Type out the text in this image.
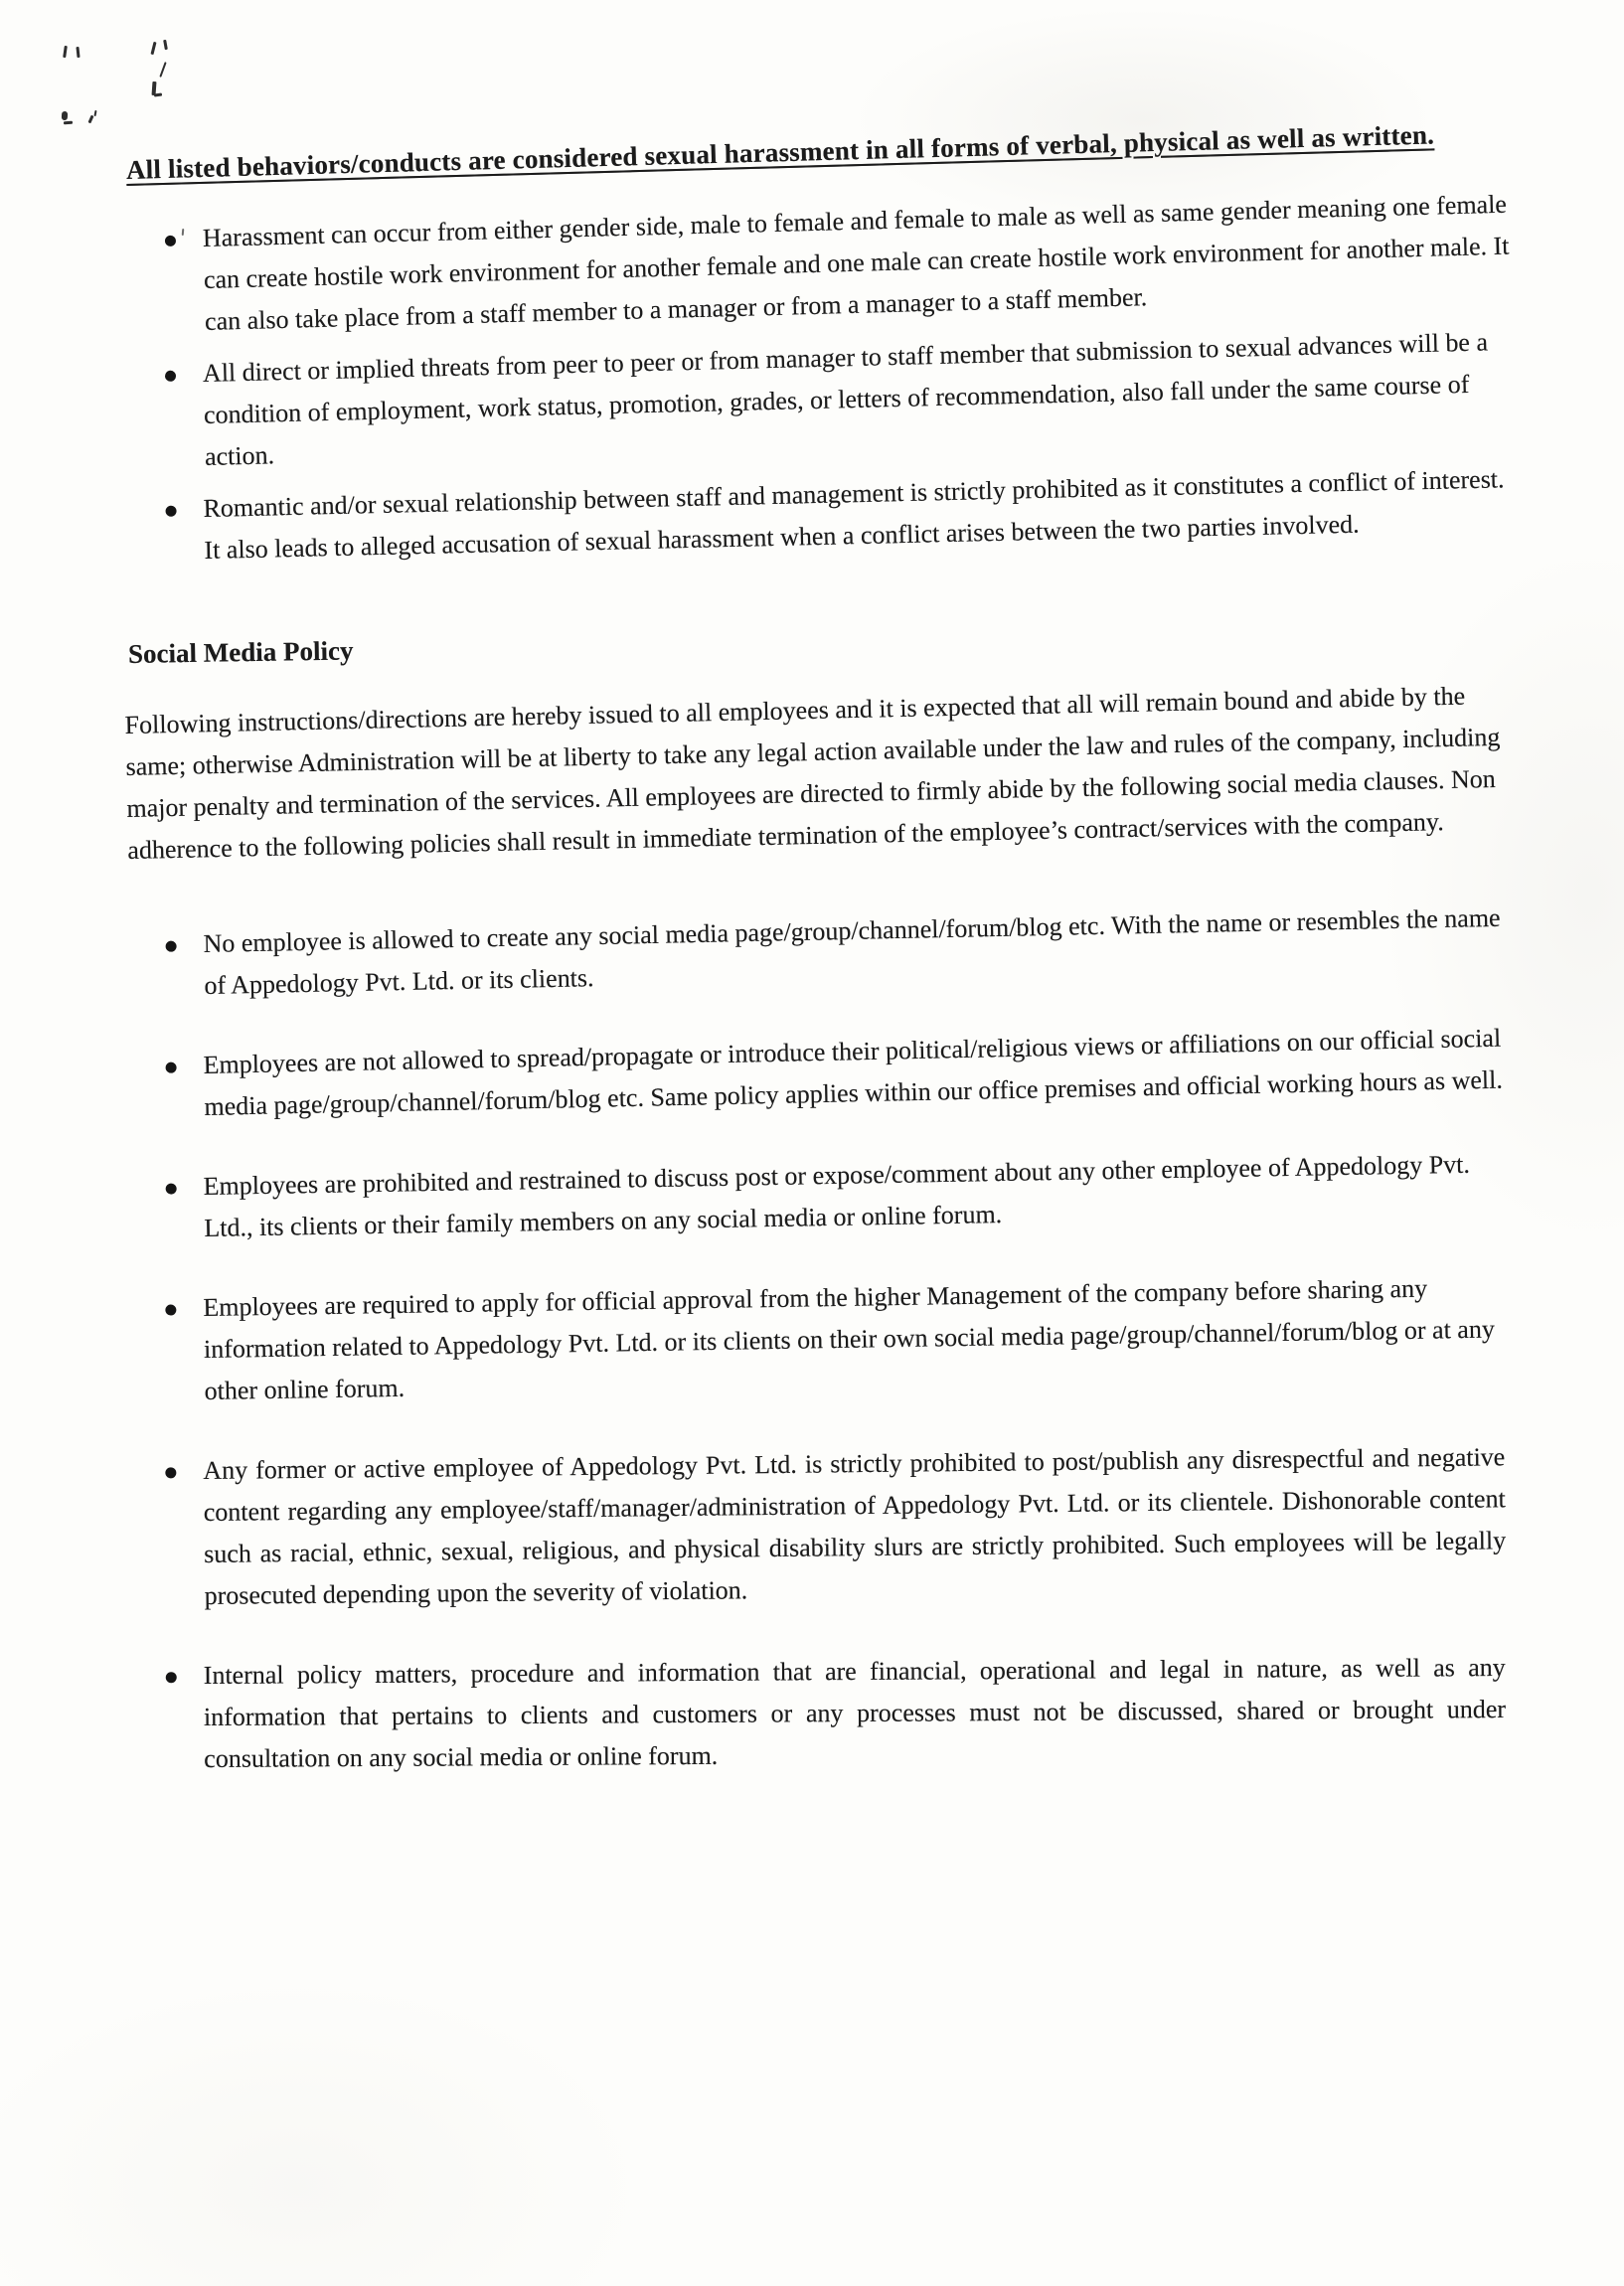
All listed behaviors/conducts are considered sexual harassment in all forms of verbal, physical as well as written.

Harassment can occur from either gender side, male to female and female to male as well as same gender meaning one female can create hostile work environment for another female and one male can create hostile work environment for another male. It can also take place from a staff member to a manager or from a manager to a staff member.
All direct or implied threats from peer to peer or from manager to staff member that submission to sexual advances will be a condition of employment, work status, promotion, grades, or letters of recommendation, also fall under the same course of action.
Romantic and/or sexual relationship between staff and management is strictly prohibited as it constitutes a conflict of interest. It also leads to alleged accusation of sexual harassment when a conflict arises between the two parties involved.
Social Media Policy

Following instructions/directions are hereby issued to all employees and it is expected that all will remain bound and abide by the same; otherwise Administration will be at liberty to take any legal action available under the law and rules of the company, including major penalty and termination of the services. All employees are directed to firmly abide by the following social media clauses. Non adherence to the following policies shall result in immediate termination of the employee’s contract/services with the company.

No employee is allowed to create any social media page/group/channel/forum/blog etc. With the name or resembles the name of Appedology Pvt. Ltd. or its clients.
Employees are not allowed to spread/propagate or introduce their political/religious views or affiliations on our official social media page/group/channel/forum/blog etc. Same policy applies within our office premises and official working hours as well.
Employees are prohibited and restrained to discuss post or expose/comment about any other employee of Appedology Pvt. Ltd., its clients or their family members on any social media or online forum.
Employees are required to apply for official approval from the higher Management of the company before sharing any information related to Appedology Pvt. Ltd. or its clients on their own social media page/group/channel/forum/blog or at any other online forum.
Any former or active employee of Appedology Pvt. Ltd. is strictly prohibited to post/publish any disrespectful and negative content regarding any employee/staff/manager/administration of Appedology Pvt. Ltd. or its clientele. Dishonorable content such as racial, ethnic, sexual, religious, and physical disability slurs are strictly prohibited. Such employees will be legally prosecuted depending upon the severity of violation.
Internal policy matters, procedure and information that are financial, operational and legal in nature, as well as any information that pertains to clients and customers or any processes must not be discussed, shared or brought under consultation on any social media or online forum.
